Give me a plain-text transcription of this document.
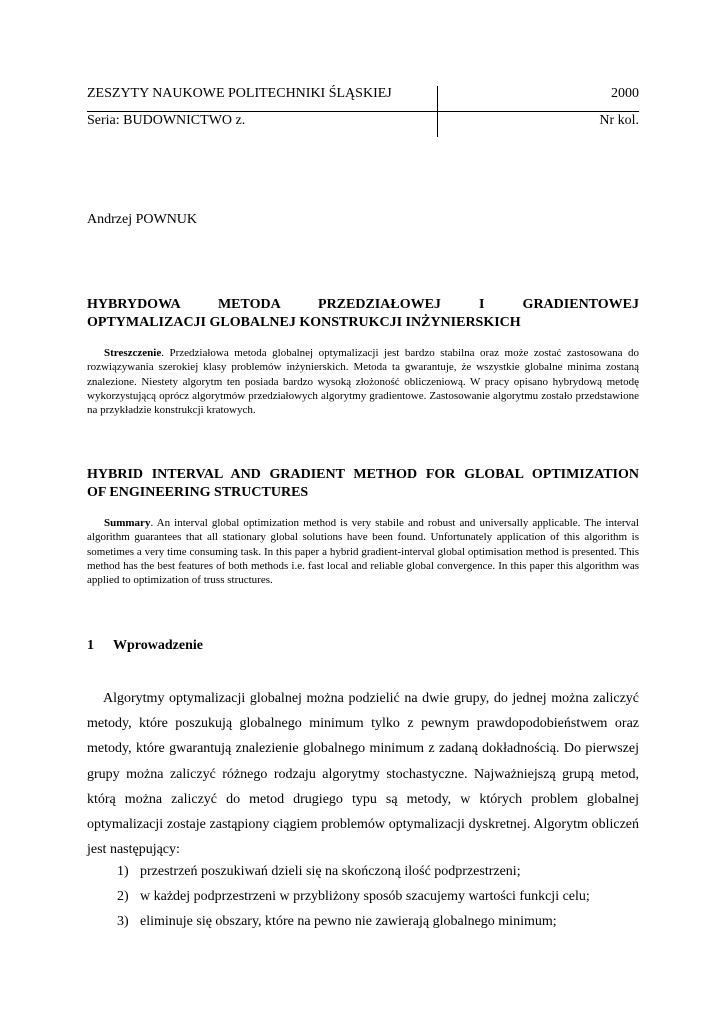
ZESZYTY NAUKOWE POLITECHNIKI ŚLĄSKIEJ	2000
Seria: BUDOWNICTWO z.	Nr kol.
Andrzej POWNUK
HYBRYDOWA METODA PRZEDZIAŁOWEJ I GRADIENTOWEJ
OPTYMALIZACJI GLOBALNEJ KONSTRUKCJI INŻYNIERSKICH

Streszczenie. Przedziałowa metoda globalnej optymalizacji jest bardzo stabilna oraz może zostać zastosowana do rozwiązywania szerokiej klasy problemów inżynierskich. Metoda ta gwarantuje, że wszystkie globalne minima zostaną znalezione. Niestety algorytm ten posiada bardzo wysoką złożoność obliczeniową. W pracy opisano hybrydową metodę wykorzystującą oprócz algorytmów przedziałowych algorytmy gradientowe. Zastosowanie algorytmu zostało przedstawione na przykładzie konstrukcji kratowych.

HYBRID INTERVAL AND GRADIENT METHOD FOR GLOBAL OPTIMIZATION
OF ENGINEERING STRUCTURES

Summary. An interval global optimization method is very stabile and robust and universally applicable. The interval algorithm guarantees that all stationary global solutions have been found. Unfortunately application of this algorithm is sometimes a very time consuming task. In this paper a hybrid gradient-interval global optimisation method is presented. This method has the best features of both methods i.e. fast local and reliable global convergence. In this paper this algorithm was applied to optimization of truss structures.

1 Wprowadzenie

Algorytmy optymalizacji globalnej można podzielić na dwie grupy, do jednej można zaliczyć metody, które poszukują globalnego minimum tylko z pewnym prawdopodobieństwem oraz metody, które gwarantują znalezienie globalnego minimum z zadaną dokładnością. Do pierwszej grupy można zaliczyć różnego rodzaju algorytmy stochastyczne. Najważniejszą grupą metod, którą można zaliczyć do metod drugiego typu są metody, w których problem globalnej optymalizacji zostaje zastąpiony ciągiem problemów optymalizacji dyskretnej. Algorytm obliczeń jest następujący:

1) przestrzeń poszukiwań dzieli się na skończoną ilość podprzestrzeni;
2) w każdej podprzestrzeni w przybliżony sposób szacujemy wartości funkcji celu;
3) eliminuje się obszary, które na pewno nie zawierają globalnego minimum;
